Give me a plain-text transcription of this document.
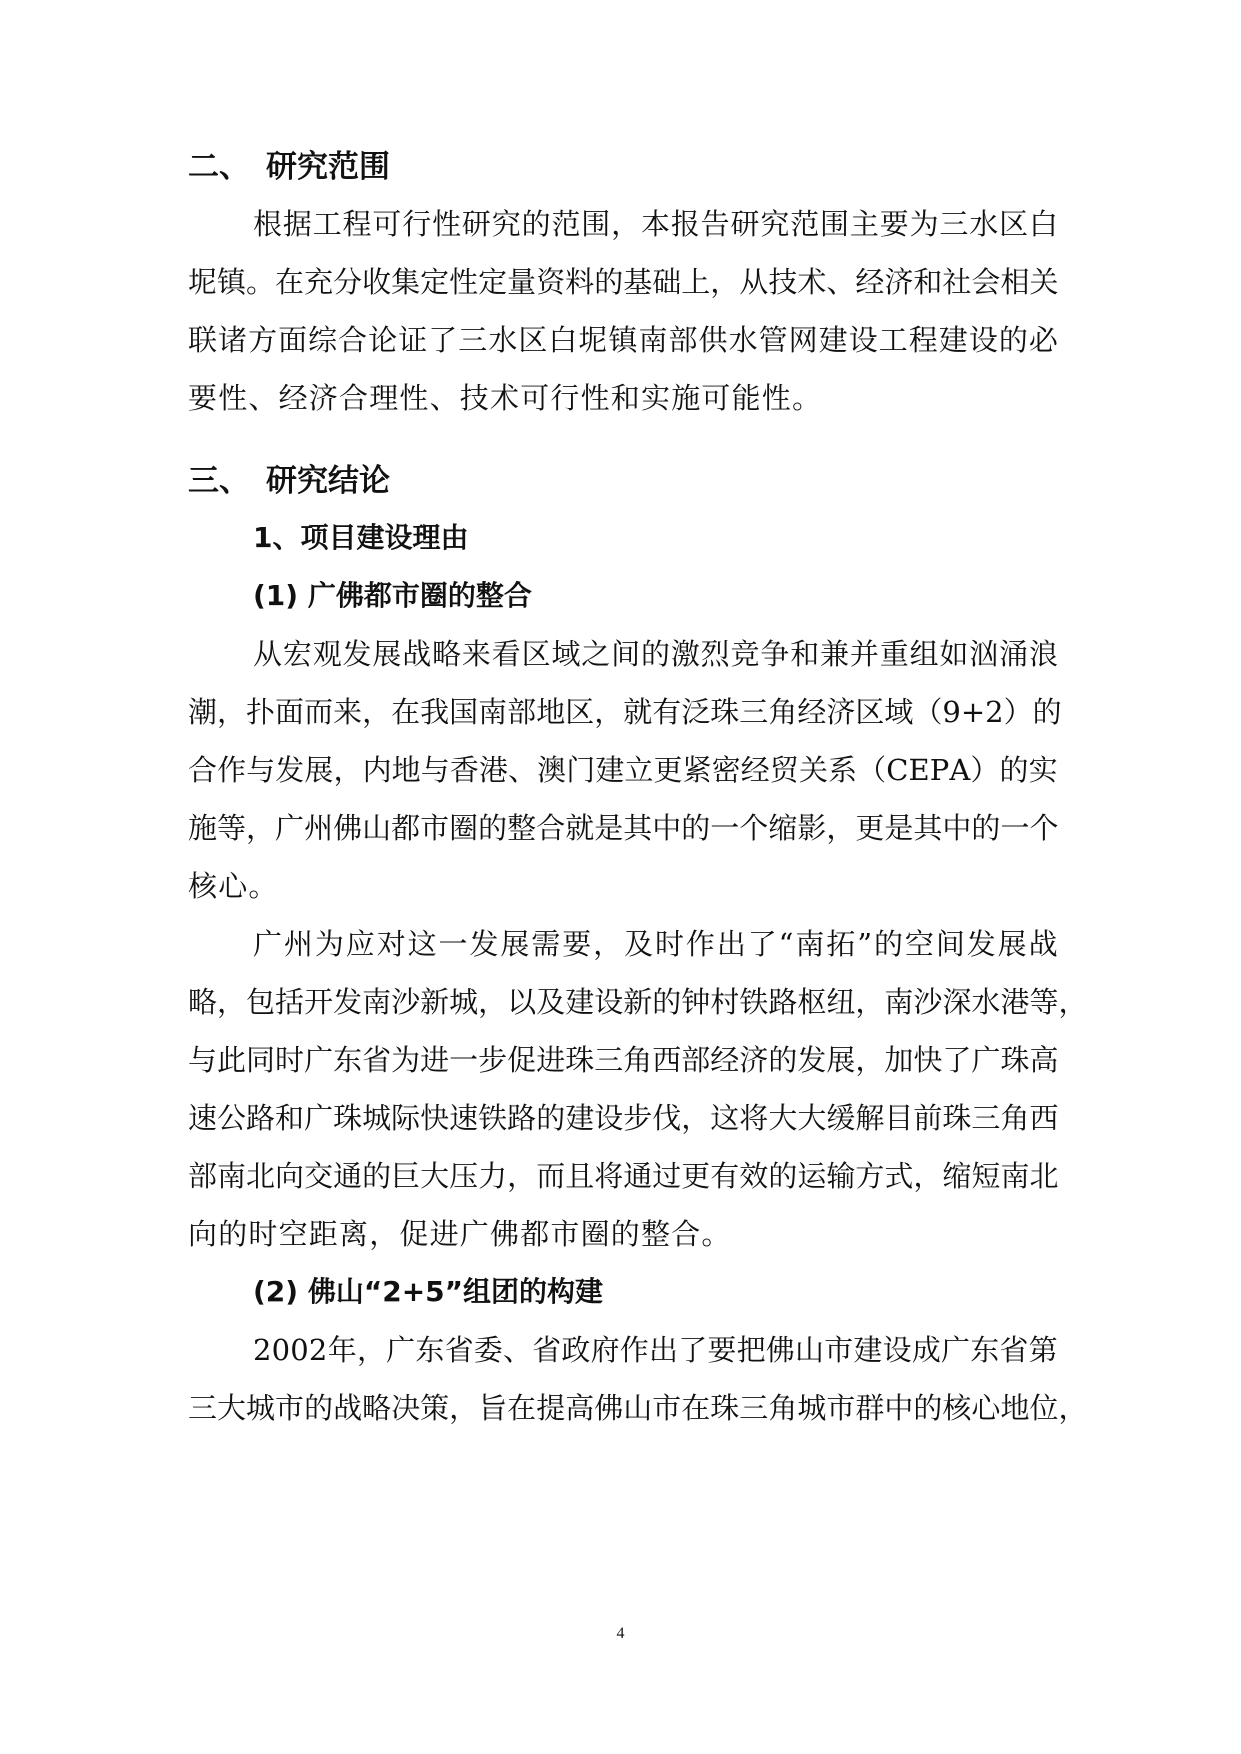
二、 研究范围
根 据 工 程 可 行 性 研 究 的 范 围 ， 本 报 告 研 究 范 围 主 要 为 三 水 区 白
坭 镇 。 在 充 分 收 集 定 性 定 量 资 料 的 基 础 上 ， 从 技 术 、 经 济 和 社 会 相 关
联 诸 方 面 综 合 论 证 了 三 水 区 白 坭 镇 南 部 供 水 管 网 建 设 工 程 建 设 的 必
要性、经济合理性、技术可行性和实施可能性。
三、 研究结论
1、项目建设理由
(1) 广佛都市圈的整合
从 宏 观 发 展 战 略 来 看 区 域 之 间 的 激 烈 竞 争 和 兼 并 重 组 如 汹 涌 浪
潮 ， 扑 面 而 来 ， 在 我 国 南 部 地 区 ， 就 有 泛 珠 三 角 经 济 区 域 （ 9 + 2 ） 的
合 作 与 发 展 ， 内 地 与 香 港 、 澳 门 建 立 更 紧 密 经 贸 关 系 （ C E P A ） 的 实
施 等 ， 广 州 佛 山 都 市 圈 的 整 合 就 是 其 中 的 一 个 缩 影 ， 更 是 其 中 的 一 个
核心。
广 州 为 应 对 这 一 发 展 需 要 ， 及 时 作 出 了 “ 南 拓 ” 的 空 间 发 展 战
略 ， 包 括 开 发 南 沙 新 城 ， 以 及 建 设 新 的 钟 村 铁 路 枢 纽 ， 南 沙 深 水 港 等 ，
与 此 同 时 广 东 省 为 进 一 步 促 进 珠 三 角 西 部 经 济 的 发 展 ， 加 快 了 广 珠 高
速 公 路 和 广 珠 城 际 快 速 铁 路 的 建 设 步 伐 ， 这 将 大 大 缓 解 目 前 珠 三 角 西
部 南 北 向 交 通 的 巨 大 压 力 ， 而 且 将 通 过 更 有 效 的 运 输 方 式 ， 缩 短 南 北
向的时空距离，促进广佛都市圈的整合。
(2) 佛山“2+5”组团的构建
2 0 0 2 年 ， 广 东 省 委 、 省 政 府 作 出 了 要 把 佛 山 市 建 设 成 广 东 省 第
三 大 城 市 的 战 略 决 策 ， 旨 在 提 高 佛 山 市 在 珠 三 角 城 市 群 中 的 核 心 地 位 ，
4
